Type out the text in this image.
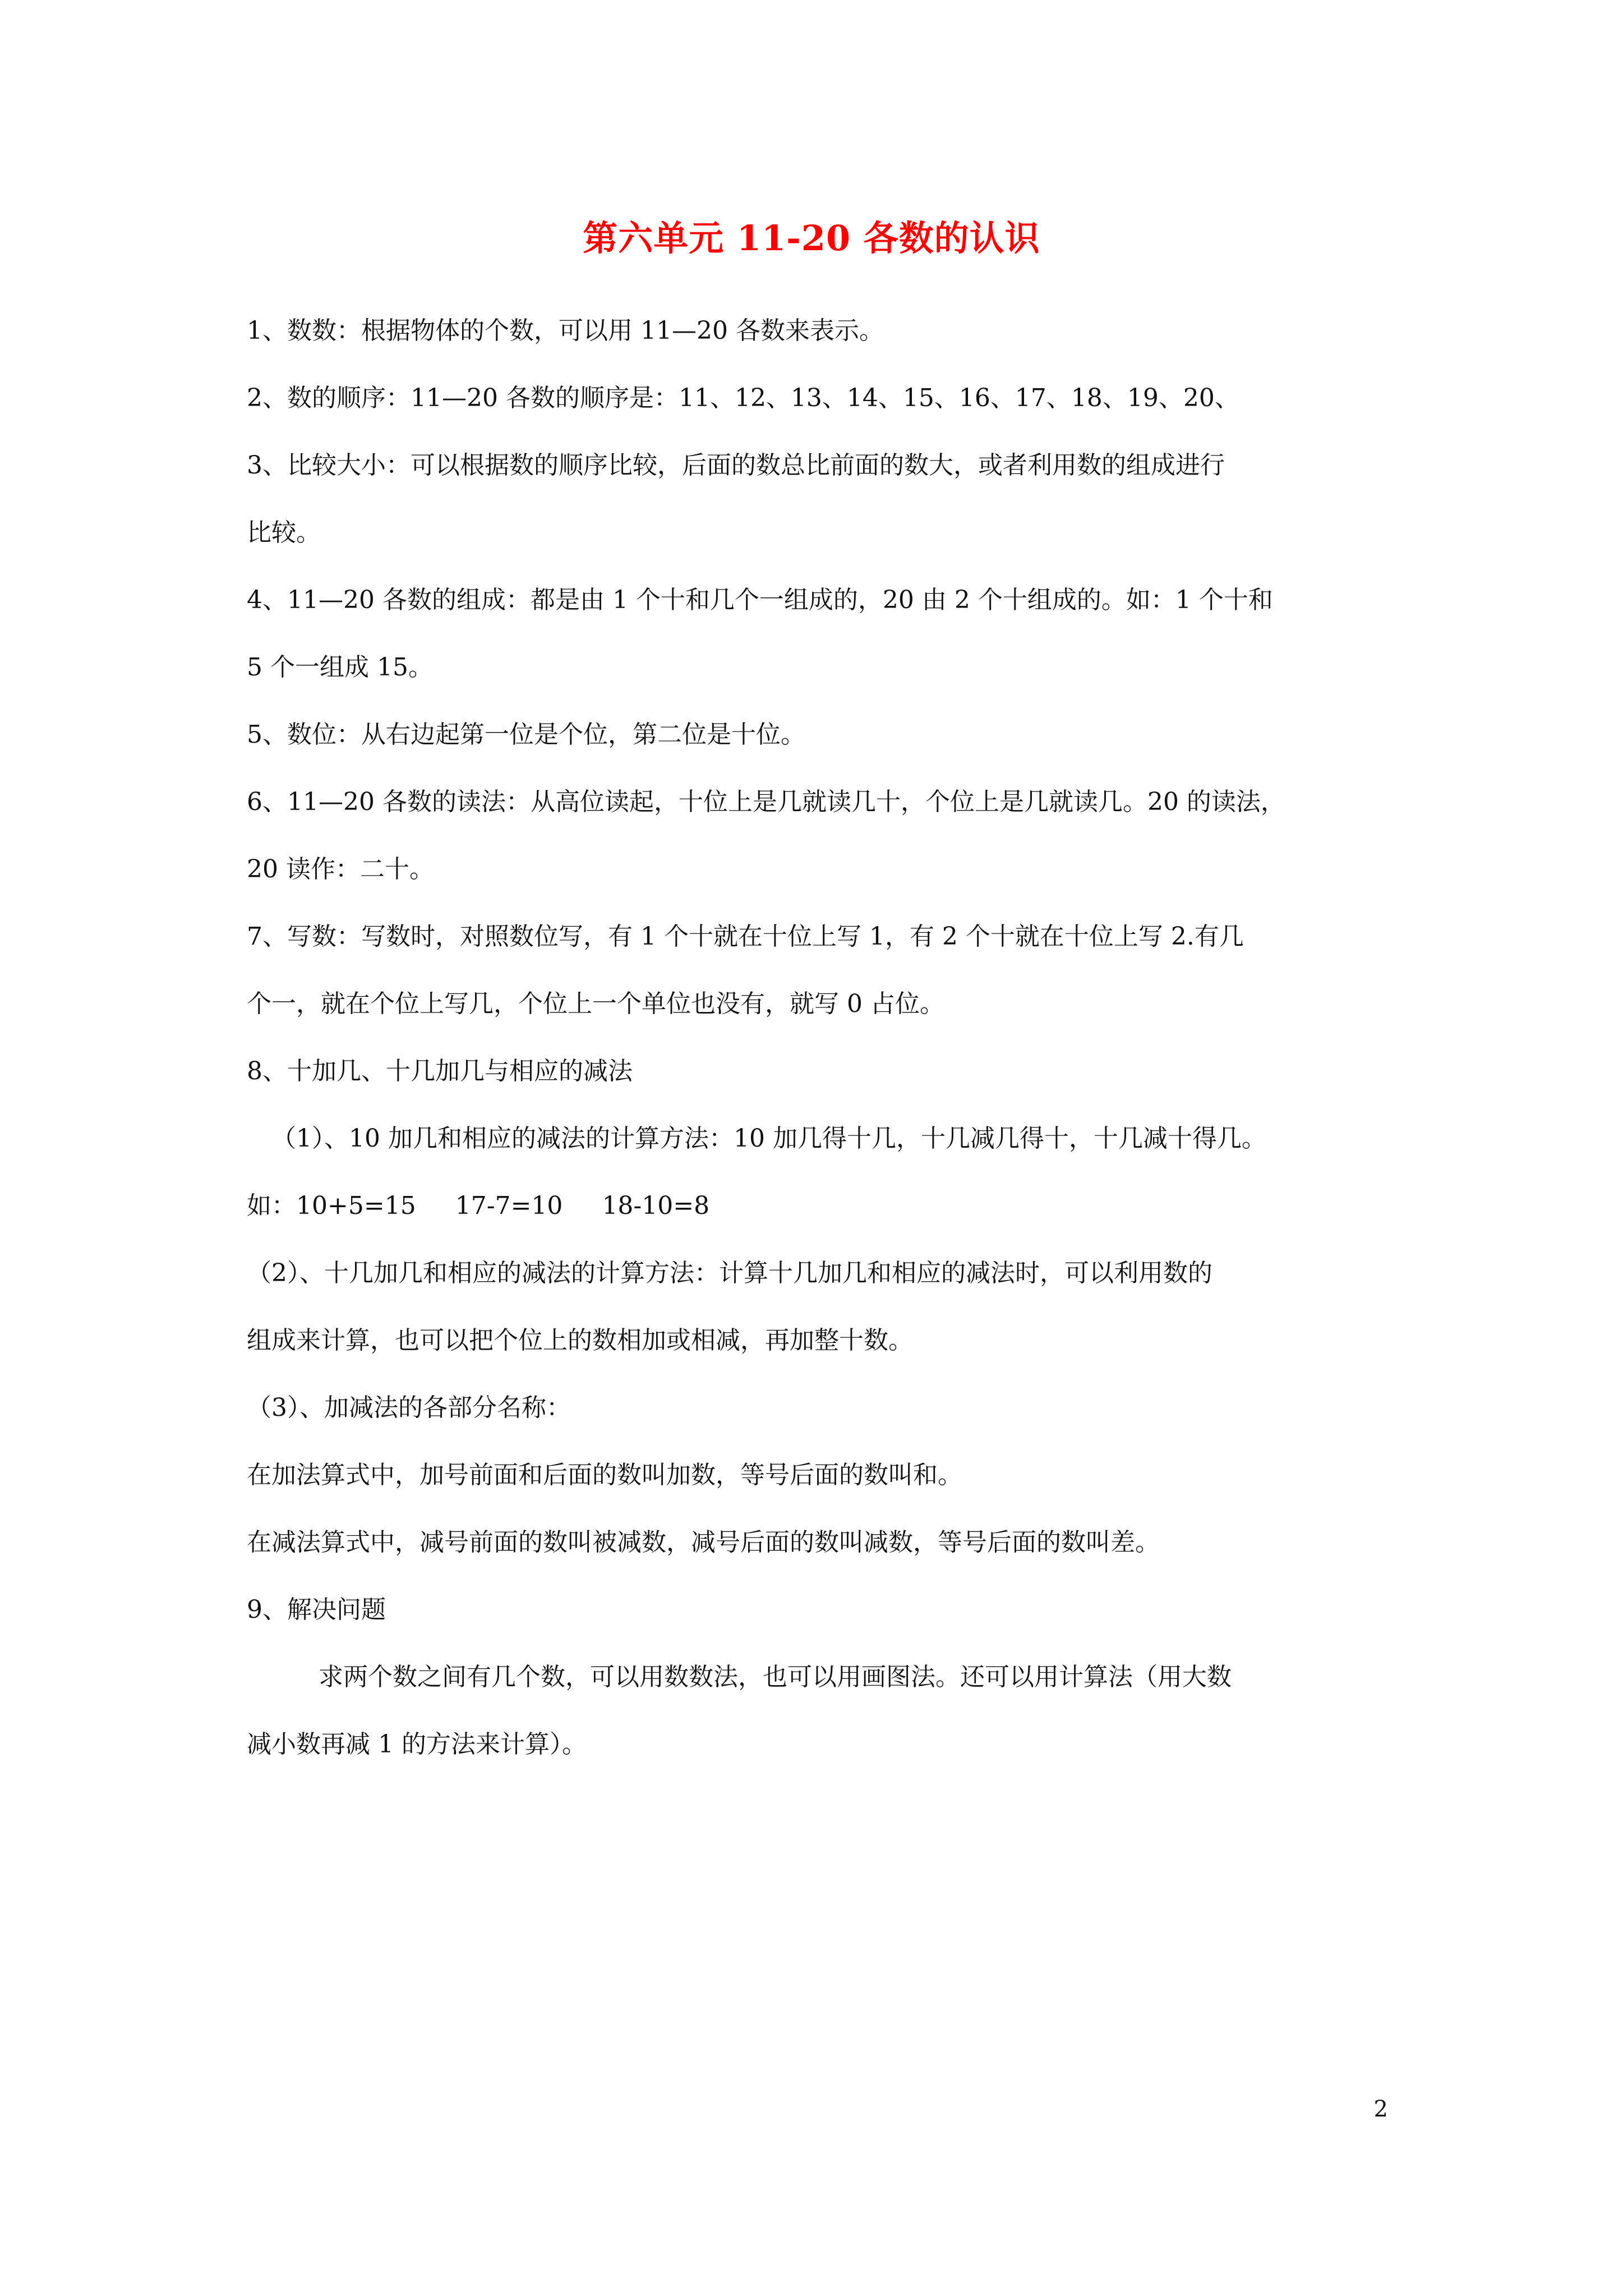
第六单元 11-20 各数的认识
1、数数：根据物体的个数，可以用 11—20 各数来表示。
2、数的顺序：11—20 各数的顺序是：11、12、13、14、15、16、17、18、19、20、
3、比较大小：可以根据数的顺序比较，后面的数总比前面的数大，或者利用数的组成进行
比较。
4、11—20 各数的组成：都是由 1 个十和几个一组成的，20 由 2 个十组成的。如：1 个十和
5 个一组成 15。
5、数位：从右边起第一位是个位，第二位是十位。
6、11—20 各数的读法：从高位读起，十位上是几就读几十，个位上是几就读几。20 的读法，
20 读作：二十。
7、写数：写数时，对照数位写，有 1 个十就在十位上写 1，有 2 个十就在十位上写 2.有几
个一，就在个位上写几，个位上一个单位也没有，就写 0 占位。
8、十加几、十几加几与相应的减法
（1）、10 加几和相应的减法的计算方法：10 加几得十几，十几减几得十，十几减十得几。
如：10+5=15 17-7=10 18-10=8
（2）、十几加几和相应的减法的计算方法：计算十几加几和相应的减法时，可以利用数的
组成来计算，也可以把个位上的数相加或相减，再加整十数。
（3）、加减法的各部分名称：
在加法算式中，加号前面和后面的数叫加数，等号后面的数叫和。
在减法算式中，减号前面的数叫被减数，减号后面的数叫减数，等号后面的数叫差。
9、解决问题
求两个数之间有几个数，可以用数数法，也可以用画图法。还可以用计算法（用大数
减小数再减 1 的方法来计算）。
2
